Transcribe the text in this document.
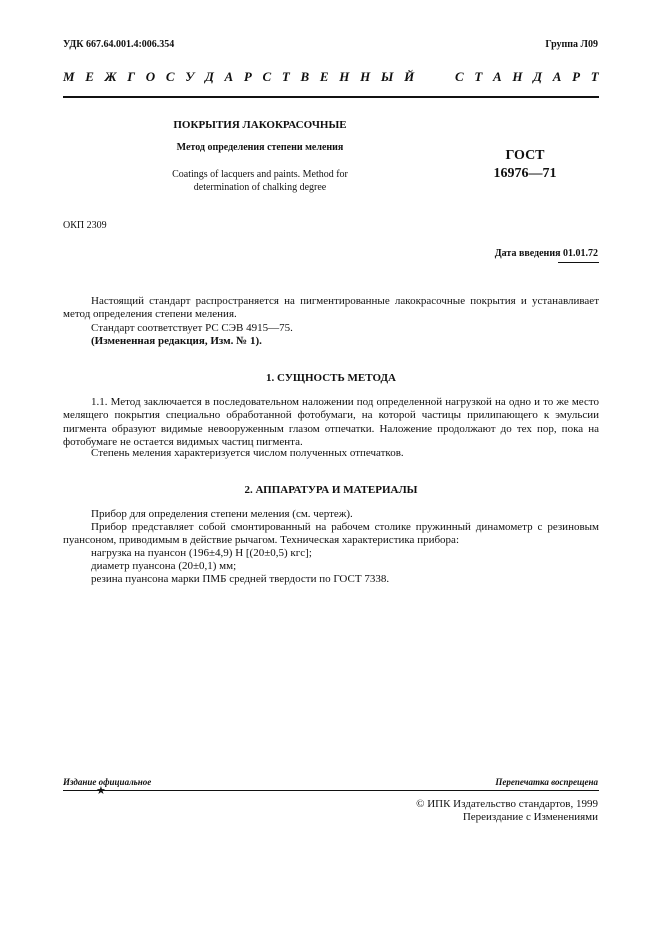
УДК 667.64.001.4:006.354	Группа Л09
М Е Ж Г О С У Д А Р С Т В Е Н Н Ы Й	С Т А Н Д А Р Т
ПОКРЫТИЯ ЛАКОКРАСОЧНЫЕ
Метод определения степени меления
Coatings of lacquers and paints. Method for
determination of chalking degree
ГОСТ
16976—71
ОКП 2309
Дата введения 01.01.72
Настоящий стандарт распространяется на пигментированные лакокрасочные покрытия и устанавливает метод определения степени меления.
Стандарт соответствует РС СЭВ 4915—75.
(Измененная редакция, Изм. № 1).
1. СУЩНОСТЬ МЕТОДА
1.1. Метод заключается в последовательном наложении под определенной нагрузкой на одно и то же место мелящего покрытия специально обработанной фотобумаги, на которой частицы прилипающего к эмульсии пигмента образуют видимые невооруженным глазом отпечатки. Наложение продолжают до тех пор, пока на фотобумаге не остается видимых частиц пигмента.
Степень меления характеризуется числом полученных отпечатков.
2. АППАРАТУРА И МАТЕРИАЛЫ
Прибор для определения степени меления (см. чертеж).
Прибор представляет собой смонтированный на рабочем столике пружинный динамометр с резиновым пуансоном, приводимым в действие рычагом. Техническая характеристика прибора:
нагрузка на пуансон (196±4,9) Н [(20±0,5) кгс];
диаметр пуансона (20±0,1) мм;
резина пуансона марки ПМБ средней твердости по ГОСТ 7338.
Издание официальное	Перепечатка воспрещена
★
© ИПК Издательство стандартов, 1999
Переиздание с Изменениями
